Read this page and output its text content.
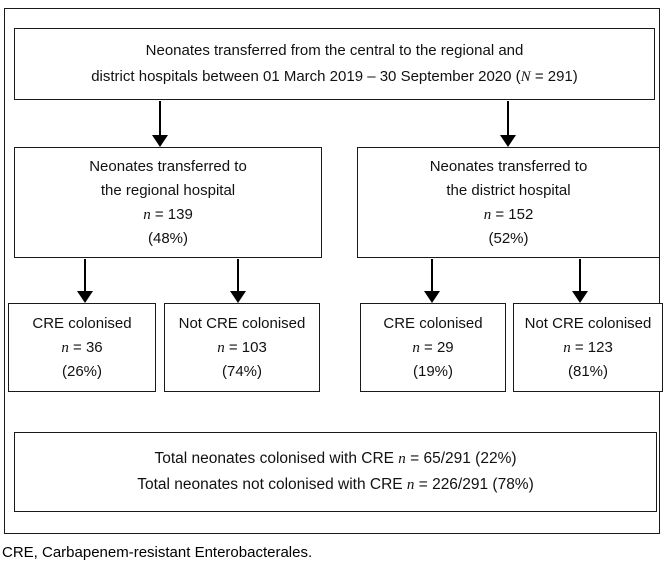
Neonates transferred from the central to the regional and
district hospitals between 01 March 2019 – 30 September 2020 (N = 291)
Neonates transferred to
the regional hospital
n = 139
(48%)
Neonates transferred to
the district hospital
n = 152
(52%)
CRE colonised
n = 36
(26%)
Not CRE colonised
n = 103
(74%)
CRE colonised
n = 29
(19%)
Not CRE colonised
n = 123
(81%)
Total neonates colonised with CRE n = 65/291 (22%)
Total neonates not colonised with CRE n = 226/291 (78%)
CRE, Carbapenem-resistant Enterobacterales.
